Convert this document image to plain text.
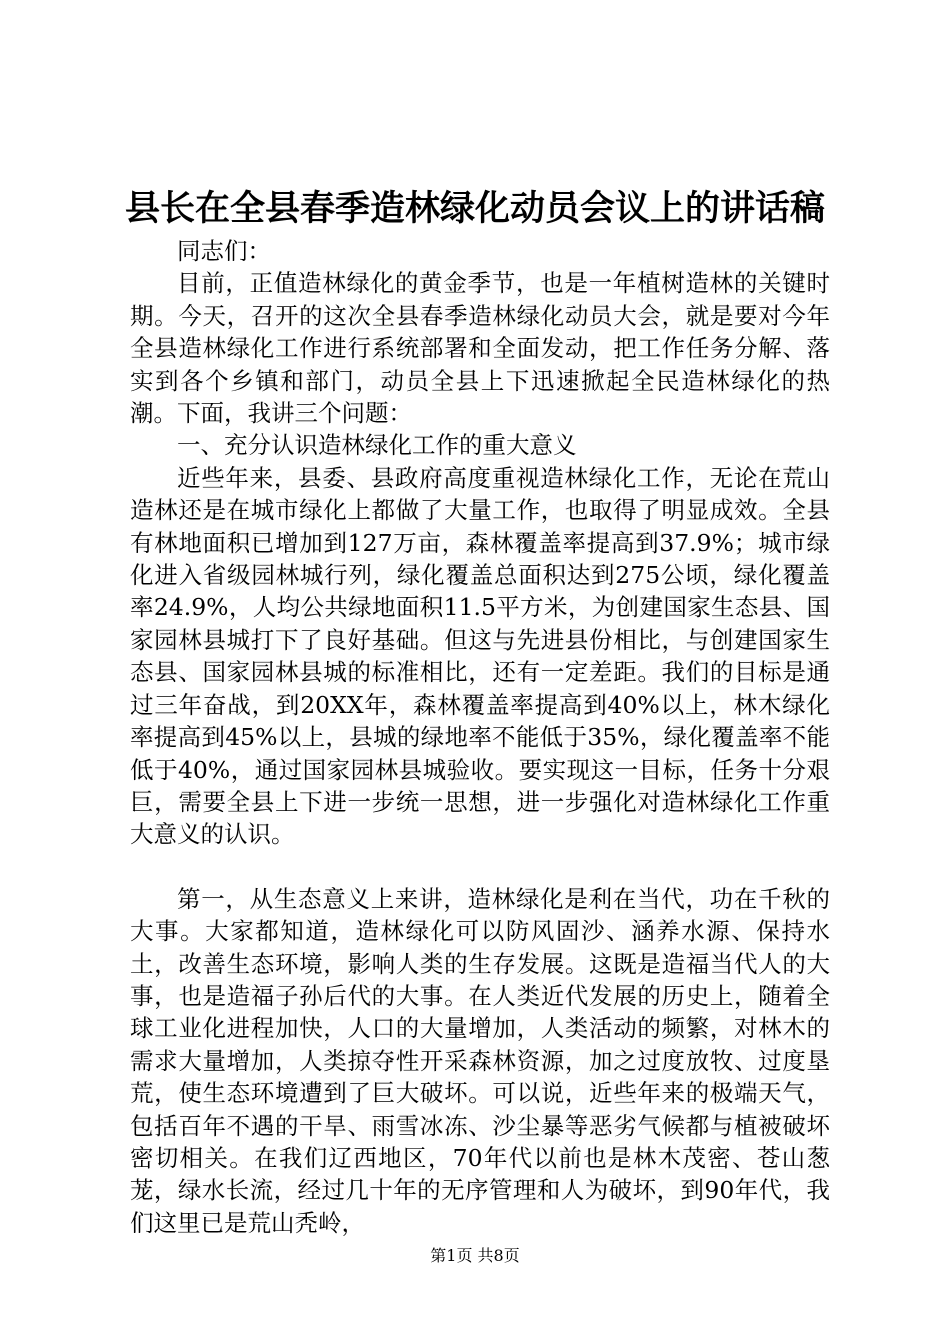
县长在全县春季造林绿化动员会议上的讲话稿

同志们：

目前，正值造林绿化的黄金季节，也是一年植树造林的关键时期。今天，召开的这次全县春季造林绿化动员大会，就是要对今年全县造林绿化工作进行系统部署和全面发动，把工作任务分解、落实到各个乡镇和部门，动员全县上下迅速掀起全民造林绿化的热潮。下面，我讲三个问题：

一、充分认识造林绿化工作的重大意义

近些年来，县委、县政府高度重视造林绿化工作，无论在荒山造林还是在城市绿化上都做了大量工作，也取得了明显成效。全县有林地面积已增加到127万亩，森林覆盖率提高到37.9%；城市绿化进入省级园林城行列，绿化覆盖总面积达到275公顷，绿化覆盖率24.9%，人均公共绿地面积11.5平方米，为创建国家生态县、国家园林县城打下了良好基础。但这与先进县份相比，与创建国家生态县、国家园林县城的标准相比，还有一定差距。我们的目标是通过三年奋战，到20XX年，森林覆盖率提高到40%以上，林木绿化率提高到45%以上，县城的绿地率不能低于35%，绿化覆盖率不能低于40%，通过国家园林县城验收。要实现这一目标，任务十分艰巨，需要全县上下进一步统一思想，进一步强化对造林绿化工作重大意义的认识。

第一，从生态意义上来讲，造林绿化是利在当代，功在千秋的大事。大家都知道，造林绿化可以防风固沙、涵养水源、保持水土，改善生态环境，影响人类的生存发展。这既是造福当代人的大事，也是造福子孙后代的大事。在人类近代发展的历史上，随着全球工业化进程加快，人口的大量增加，人类活动的频繁，对林木的需求大量增加，人类掠夺性开采森林资源，加之过度放牧、过度垦荒，使生态环境遭到了巨大破坏。可以说，近些年来的极端天气，包括百年不遇的干旱、雨雪冰冻、沙尘暴等恶劣气候都与植被破坏密切相关。在我们辽西地区，70年代以前也是林木茂密、苍山葱茏，绿水长流，经过几十年的无序管理和人为破坏，到90年代，我们这里已是荒山秃岭，

第1页 共8页
